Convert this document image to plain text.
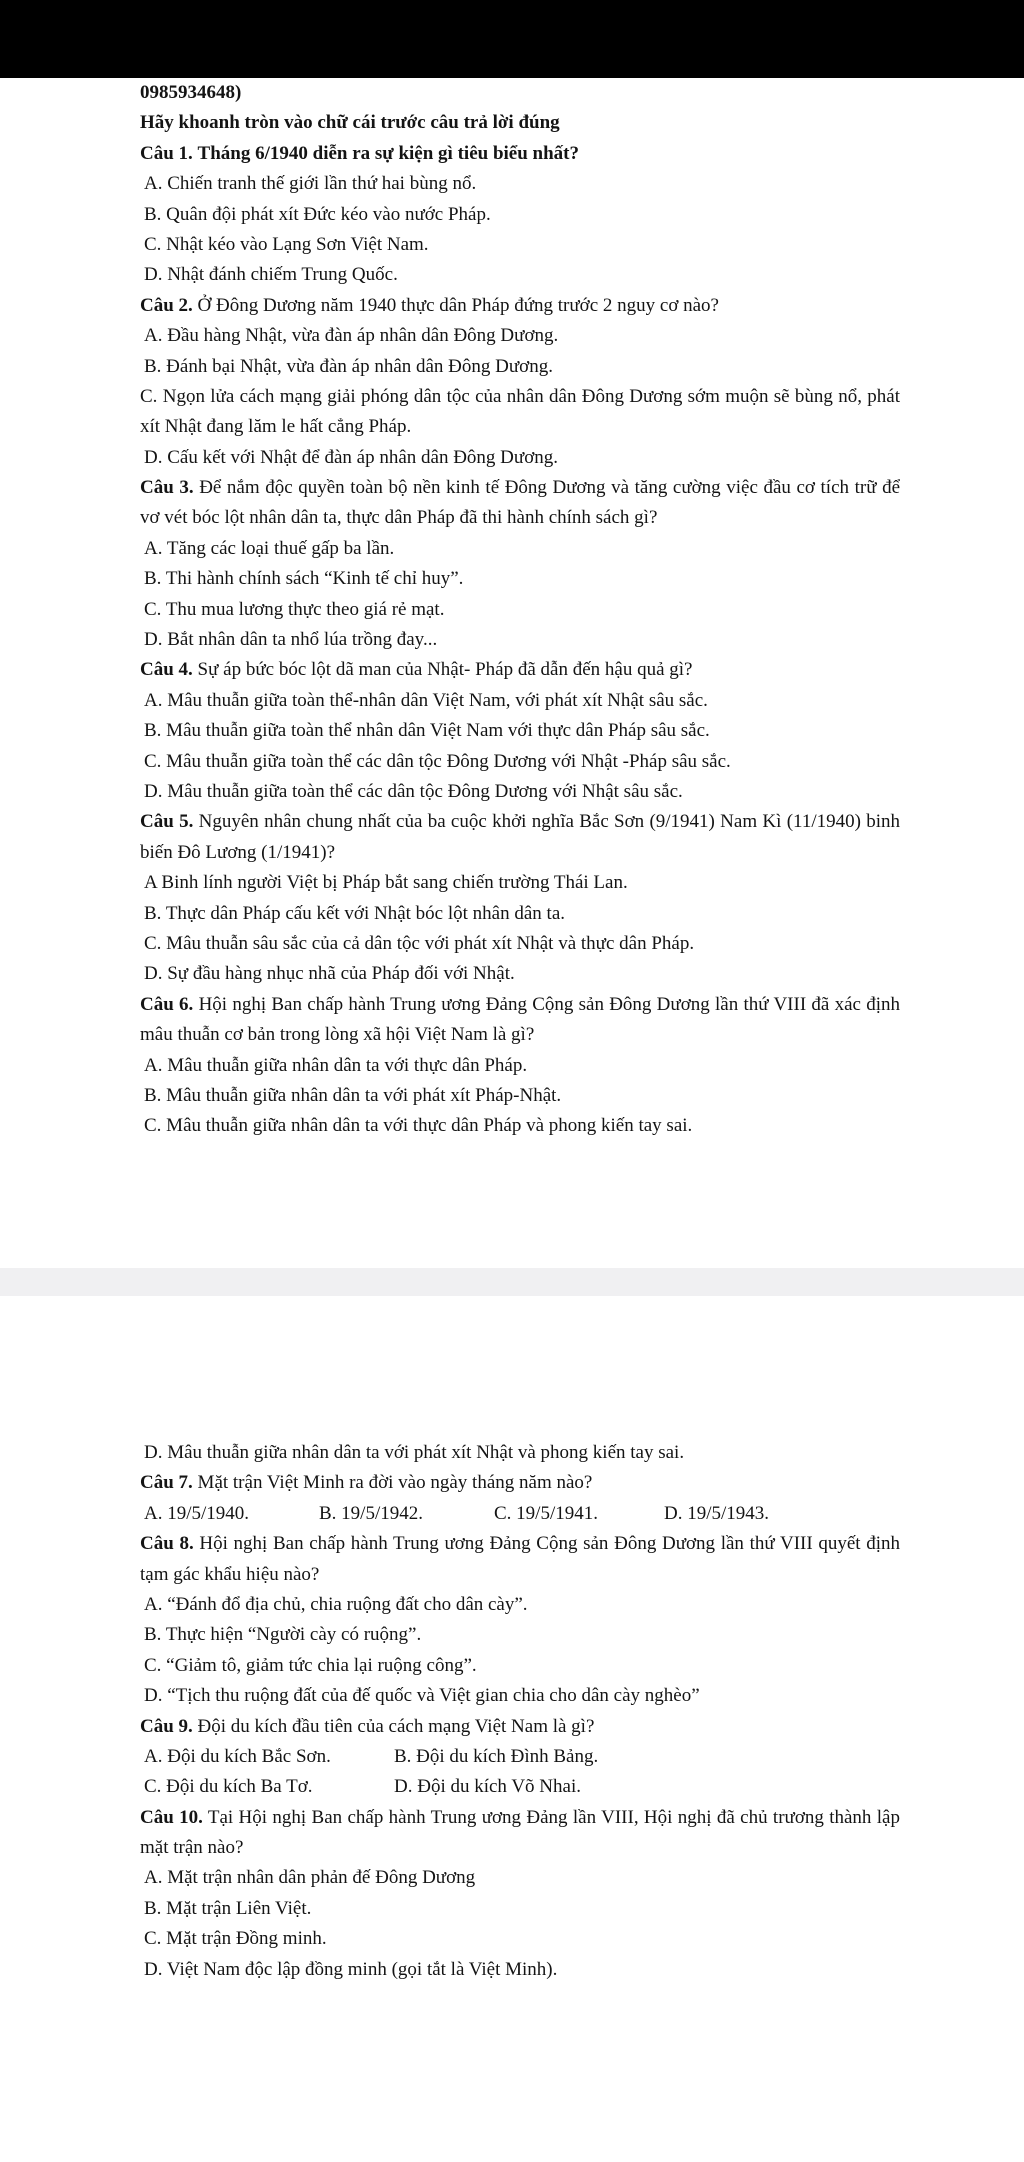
0985934648)
Hãy khoanh tròn vào chữ cái trước câu trả lời đúng
Câu 1. Tháng 6/1940 diễn ra sự kiện gì tiêu biểu nhất?
A. Chiến tranh thế giới lần thứ hai bùng nổ.
B. Quân đội phát xít Đức kéo vào nước Pháp.
C. Nhật kéo vào Lạng Sơn Việt Nam.
D. Nhật đánh chiếm Trung Quốc.
Câu 2. Ở Đông Dương năm 1940 thực dân Pháp đứng trước 2 nguy cơ nào?
A. Đầu hàng Nhật, vừa đàn áp nhân dân Đông Dương.
B. Đánh bại Nhật, vừa đàn áp nhân dân Đông Dương.
C. Ngọn lửa cách mạng giải phóng dân tộc của nhân dân Đông Dương sớm muộn sẽ bùng nổ, phát xít Nhật đang lăm le hất cẳng Pháp.
D. Cấu kết với Nhật để đàn áp nhân dân Đông Dương.
Câu 3. Để nắm độc quyền toàn bộ nền kinh tế Đông Dương và tăng cường việc đầu cơ tích trữ để vơ vét bóc lột nhân dân ta, thực dân Pháp đã thi hành chính sách gì?
A. Tăng các loại thuế gấp ba lần.
B. Thi hành chính sách “Kinh tế chỉ huy”.
C. Thu mua lương thực theo giá rẻ mạt.
D. Bắt nhân dân ta nhổ lúa trồng đay...
Câu 4. Sự áp bức bóc lột dã man của Nhật- Pháp đã dẫn đến hậu quả gì?
A. Mâu thuẫn giữa toàn thể-nhân dân Việt Nam, với phát xít Nhật sâu sắc.
B. Mâu thuẫn giữa toàn thể nhân dân Việt Nam với thực dân Pháp sâu sắc.
C. Mâu thuẫn giữa toàn thể các dân tộc Đông Dương với Nhật -Pháp sâu sắc.
D. Mâu thuẫn giữa toàn thể các dân tộc Đông Dương với Nhật sâu sắc.
Câu 5. Nguyên nhân chung nhất của ba cuộc khởi nghĩa Bắc Sơn (9/1941) Nam Kì (11/1940) binh biến Đô Lương (1/1941)?
A Binh lính người Việt bị Pháp bắt sang chiến trường Thái Lan.
B. Thực dân Pháp cấu kết với Nhật bóc lột nhân dân ta.
C. Mâu thuẫn sâu sắc của cả dân tộc với phát xít Nhật và thực dân Pháp.
D. Sự đầu hàng nhục nhã của Pháp đối với Nhật.
Câu 6. Hội nghị Ban chấp hành Trung ương Đảng Cộng sản Đông Dương lần thứ VIII đã xác định mâu thuẫn cơ bản trong lòng xã hội Việt Nam là gì?
A. Mâu thuẫn giữa nhân dân ta với thực dân Pháp.
B. Mâu thuẫn giữa nhân dân ta với phát xít Pháp-Nhật.
C. Mâu thuẫn giữa nhân dân ta với thực dân Pháp và phong kiến tay sai.
D. Mâu thuẫn giữa nhân dân ta với phát xít Nhật và phong kiến tay sai.
Câu 7. Mặt trận Việt Minh ra đời vào ngày tháng năm nào?
A. 19/5/1940.	B. 19/5/1942.	C. 19/5/1941.	D. 19/5/1943.
Câu 8. Hội nghị Ban chấp hành Trung ương Đảng Cộng sản Đông Dương lần thứ VIII quyết định tạm gác khẩu hiệu nào?
A. “Đánh đổ địa chủ, chia ruộng đất cho dân cày”.
B. Thực hiện “Người cày có ruộng”.
C. “Giảm tô, giảm tức chia lại ruộng công”.
D. “Tịch thu ruộng đất của đế quốc và Việt gian chia cho dân cày nghèo”
Câu 9. Đội du kích đầu tiên của cách mạng Việt Nam là gì?
A. Đội du kích Bắc Sơn.	B. Đội du kích Đình Bảng.
C. Đội du kích Ba Tơ.	D. Đội du kích Võ Nhai.
Câu 10. Tại Hội nghị Ban chấp hành Trung ương Đảng lần VIII, Hội nghị đã chủ trương thành lập mặt trận nào?
A. Mặt trận nhân dân phản đế Đông Dương
B. Mặt trận Liên Việt.
C. Mặt trận Đồng minh.
D. Việt Nam độc lập đồng minh (gọi tắt là Việt Minh).
